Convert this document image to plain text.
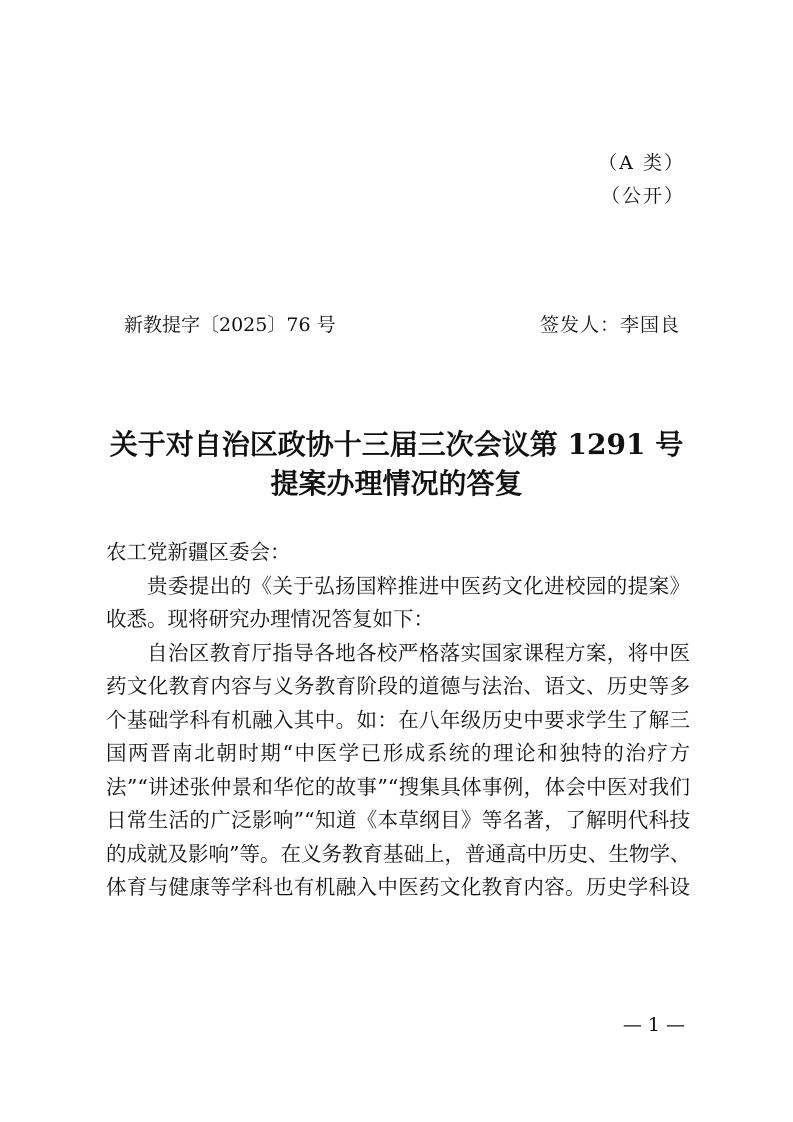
（A 类）
（公开）
新教提字〔2025〕76 号	签发人：李国良
关于对自治区政协十三届三次会议第 1291 号
提案办理情况的答复
农工党新疆区委会：
贵委提出的《关于弘扬国粹推进中医药文化进校园的提案》
收悉。现将研究办理情况答复如下：
自治区教育厅指导各地各校严格落实国家课程方案，将中医
药文化教育内容与义务教育阶段的道德与法治、语文、历史等多
个基础学科有机融入其中。如：在八年级历史中要求学生了解三
国两晋南北朝时期“中医学已形成系统的理论和独特的治疗方
法”“讲述张仲景和华佗的故事”“搜集具体事例，体会中医对我们
日常生活的广泛影响”“知道《本草纲目》等名著，了解明代科技
的成就及影响”等。在义务教育基础上，普通高中历史、生物学、
体育与健康等学科也有机融入中医药文化教育内容。历史学科设
— 1 —
